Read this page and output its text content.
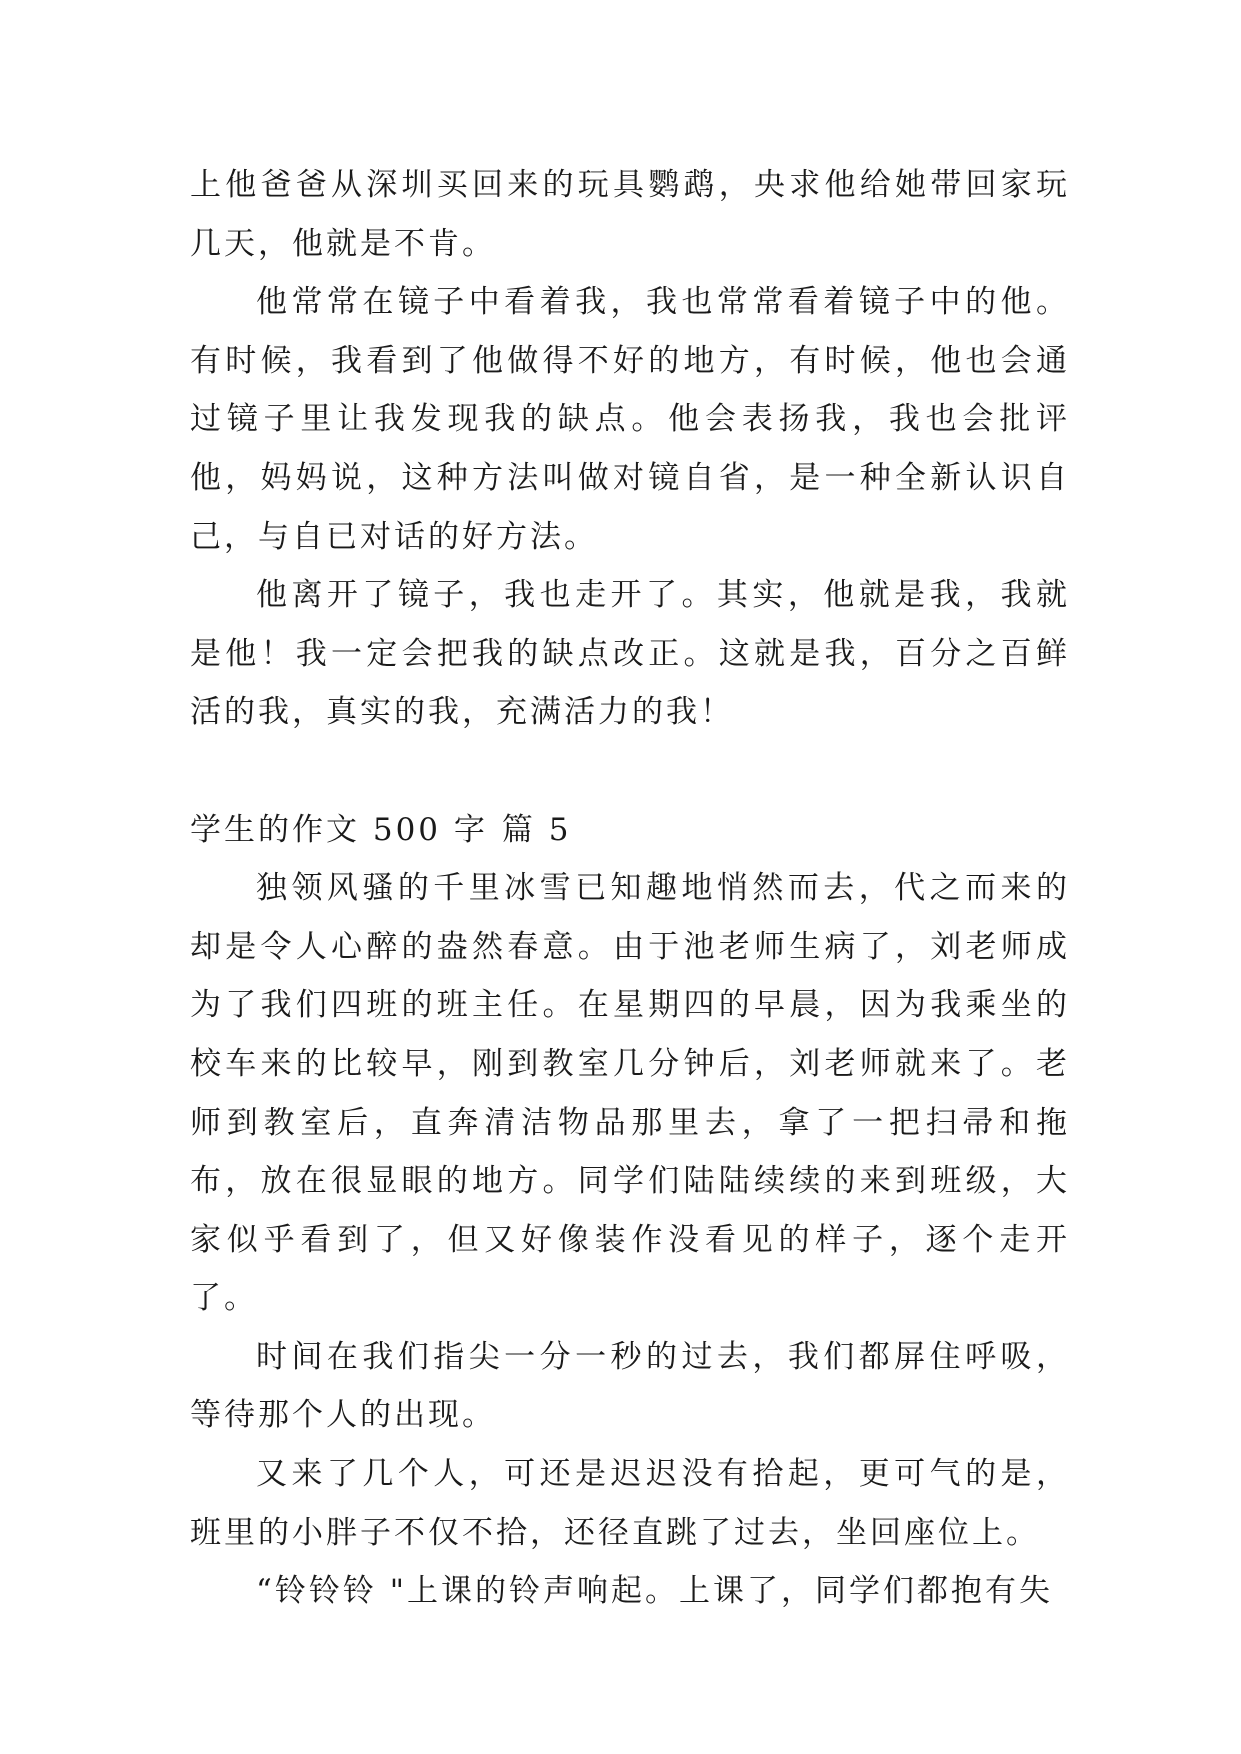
上他爸爸从深圳买回来的玩具鹦鹉，央求他给她带回家玩几天，他就是不肯。

他常常在镜子中看着我，我也常常看着镜子中的他。有时候，我看到了他做得不好的地方，有时候，他也会通过镜子里让我发现我的缺点。他会表扬我，我也会批评他，妈妈说，这种方法叫做对镜自省，是一种全新认识自己，与自已对话的好方法。

他离开了镜子，我也走开了。其实，他就是我，我就是他！我一定会把我的缺点改正。这就是我，百分之百鲜活的我，真实的我，充满活力的我！

学生的作文 500 字 篇 5

独领风骚的千里冰雪已知趣地悄然而去，代之而来的却是令人心醉的盎然春意。由于池老师生病了，刘老师成为了我们四班的班主任。在星期四的早晨，因为我乘坐的校车来的比较早，刚到教室几分钟后，刘老师就来了。老师到教室后，直奔清洁物品那里去，拿了一把扫帚和拖布，放在很显眼的地方。同学们陆陆续续的来到班级，大家似乎看到了，但又好像装作没看见的样子，逐个走开了。

时间在我们指尖一分一秒的过去，我们都屏住呼吸，等待那个人的出现。

又来了几个人，可还是迟迟没有拾起，更可气的是，班里的小胖子不仅不拾，还径直跳了过去，坐回座位上。

“铃铃铃 "上课的铃声响起。上课了，同学们都抱有失
